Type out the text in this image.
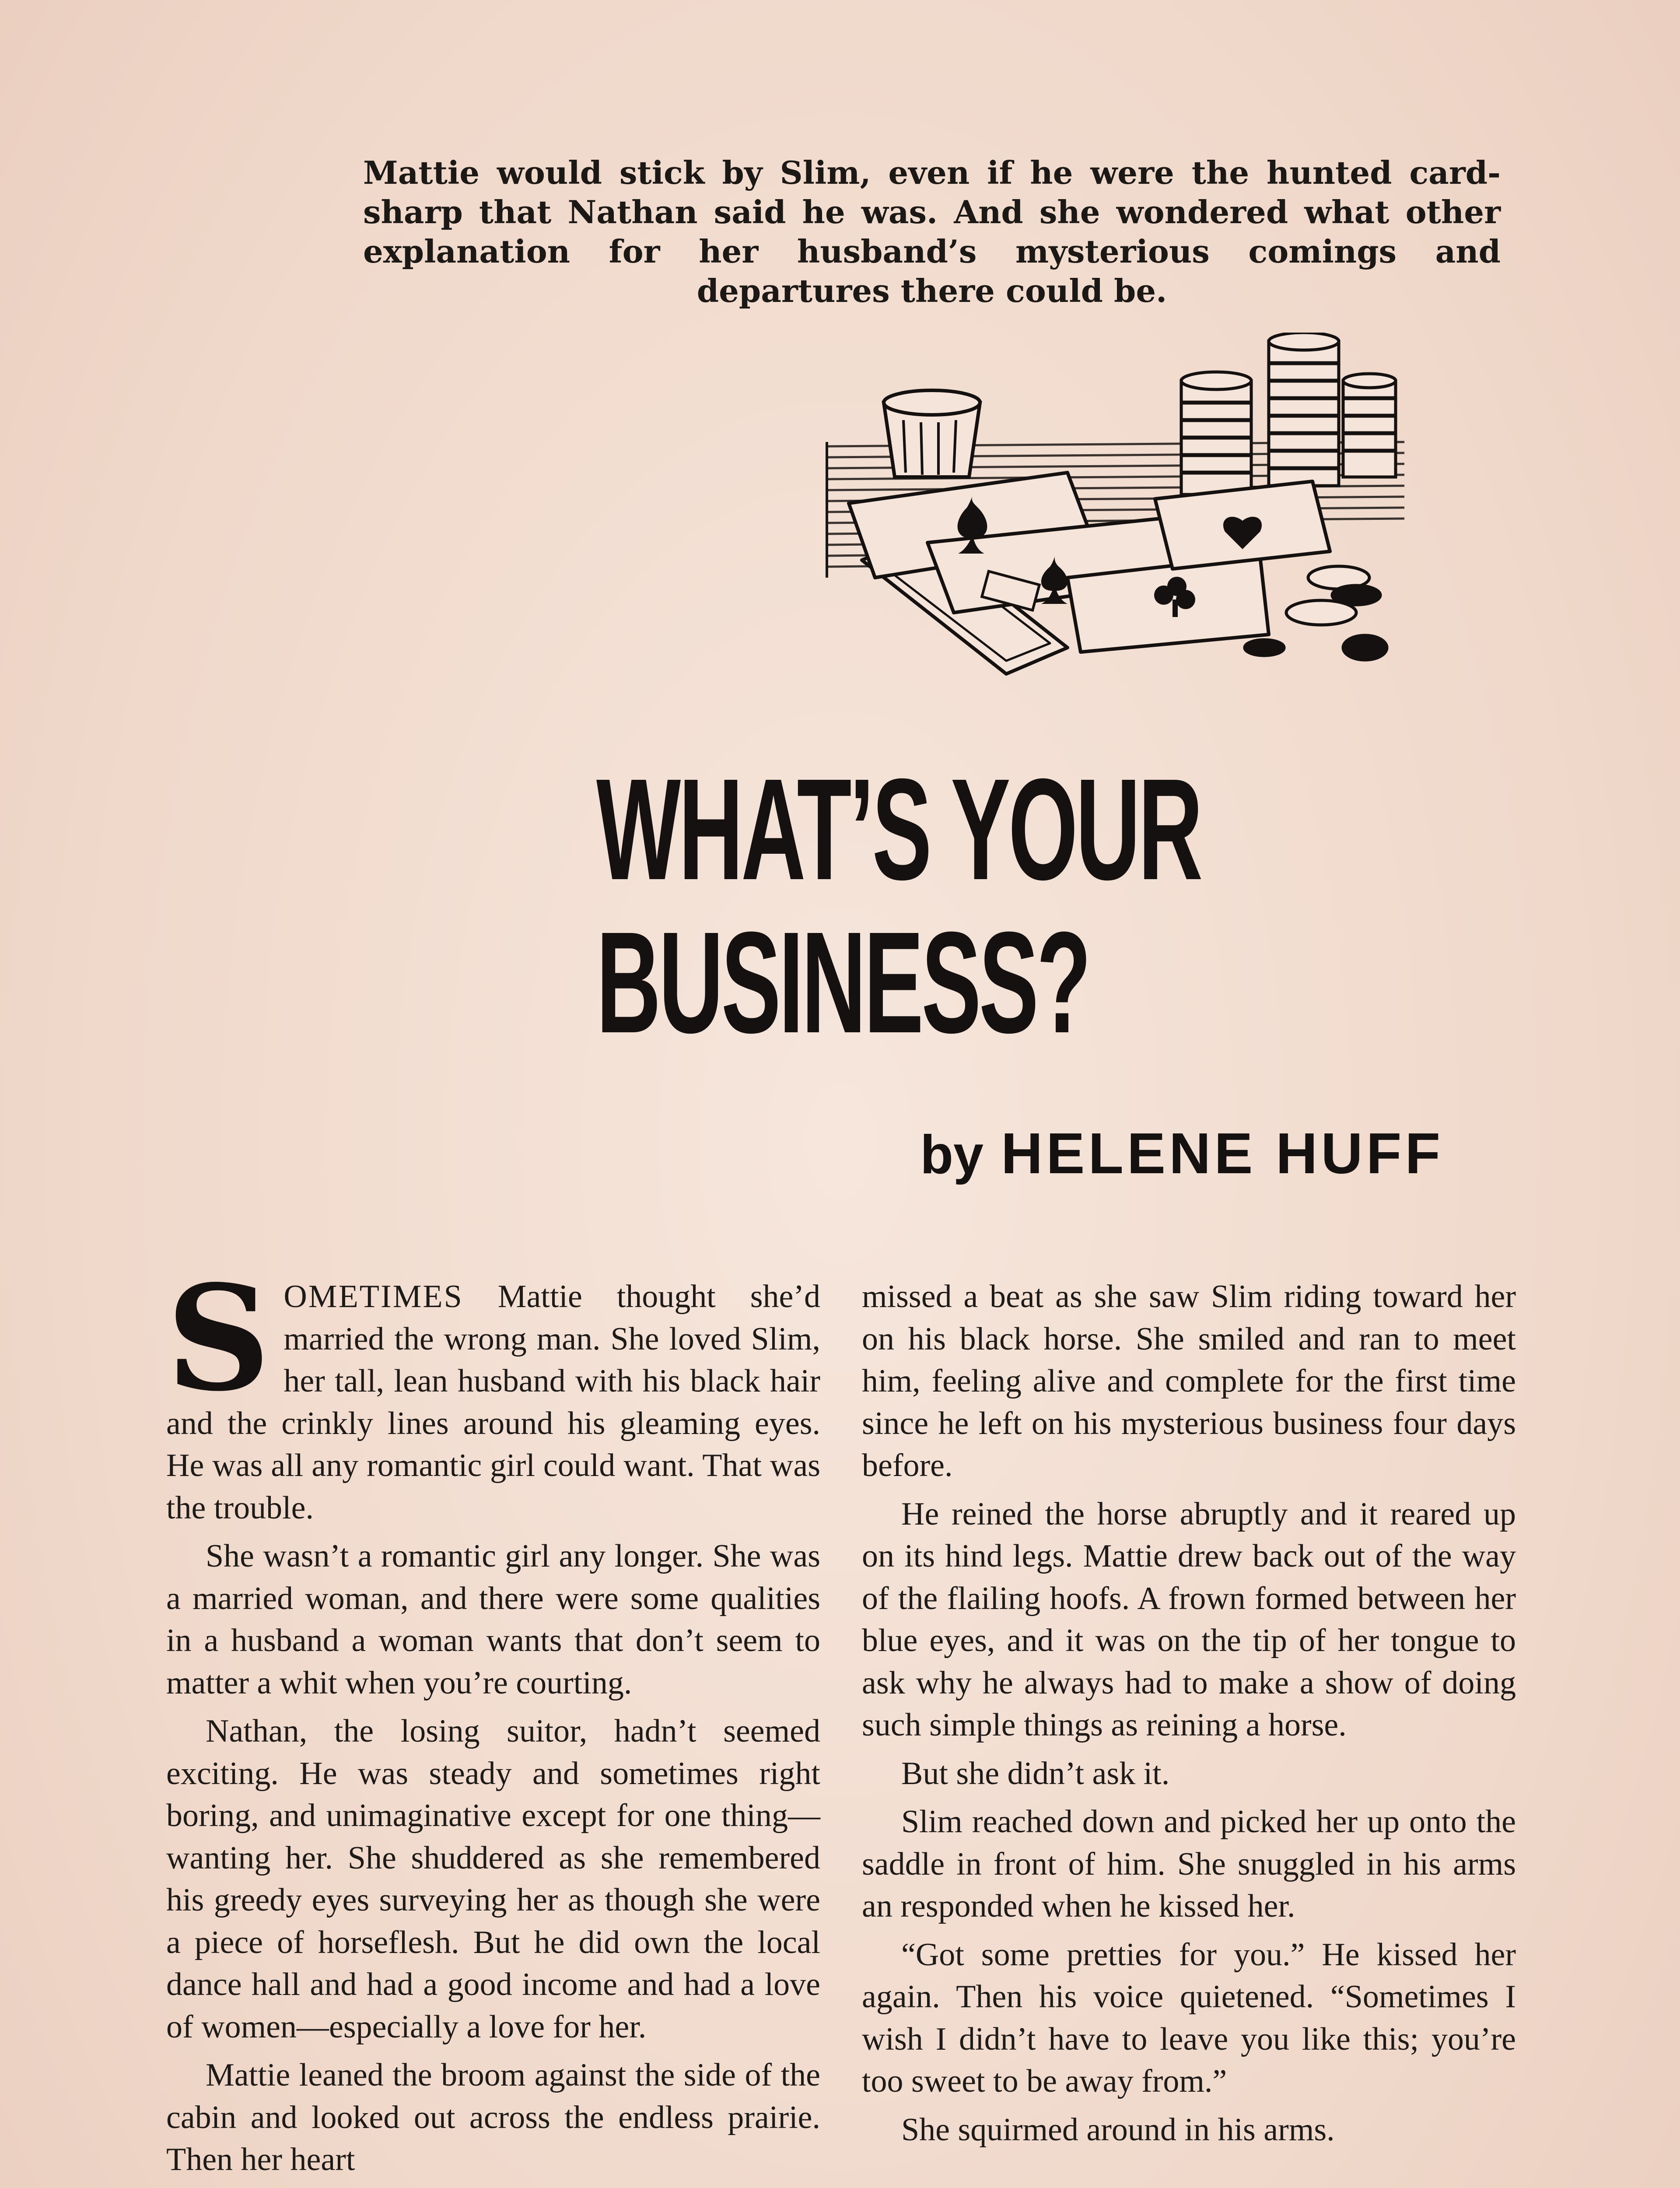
Mattie would stick by Slim, even if he were the hunted card-sharp that Nathan said he was. And she wondered what other explanation for her husband’s mysterious comings and departures there could be.
WHAT’S YOUR
BUSINESS?
by HELENE HUFF

SOMETIMES Mattie thought she’d married the wrong man. She loved Slim, her tall, lean husband with his black hair and the crinkly lines around his gleaming eyes. He was all any romantic girl could want. That was the trouble.

She wasn’t a romantic girl any longer. She was a married woman, and there were some qualities in a husband a woman wants that don’t seem to matter a whit when you’re courting.

Nathan, the losing suitor, hadn’t seemed exciting. He was steady and sometimes right boring, and unimaginative except for one thing—wanting her. She shuddered as she remembered his greedy eyes surveying her as though she were a piece of horseflesh. But he did own the local dance hall and had a good income and had a love of women—especially a love for her.

Mattie leaned the broom against the side of the cabin and looked out across the endless prairie. Then her heart

missed a beat as she saw Slim riding toward her on his black horse. She smiled and ran to meet him, feeling alive and complete for the first time since he left on his mysterious business four days before.

He reined the horse abruptly and it reared up on its hind legs. Mattie drew back out of the way of the flailing hoofs. A frown formed between her blue eyes, and it was on the tip of her tongue to ask why he always had to make a show of doing such simple things as reining a horse.

But she didn’t ask it.

Slim reached down and picked her up onto the saddle in front of him. She snuggled in his arms an responded when he kissed her.

“Got some pretties for you.” He kissed her again. Then his voice quietened. “Sometimes I wish I didn’t have to leave you like this; you’re too sweet to be away from.”

She squirmed around in his arms.
